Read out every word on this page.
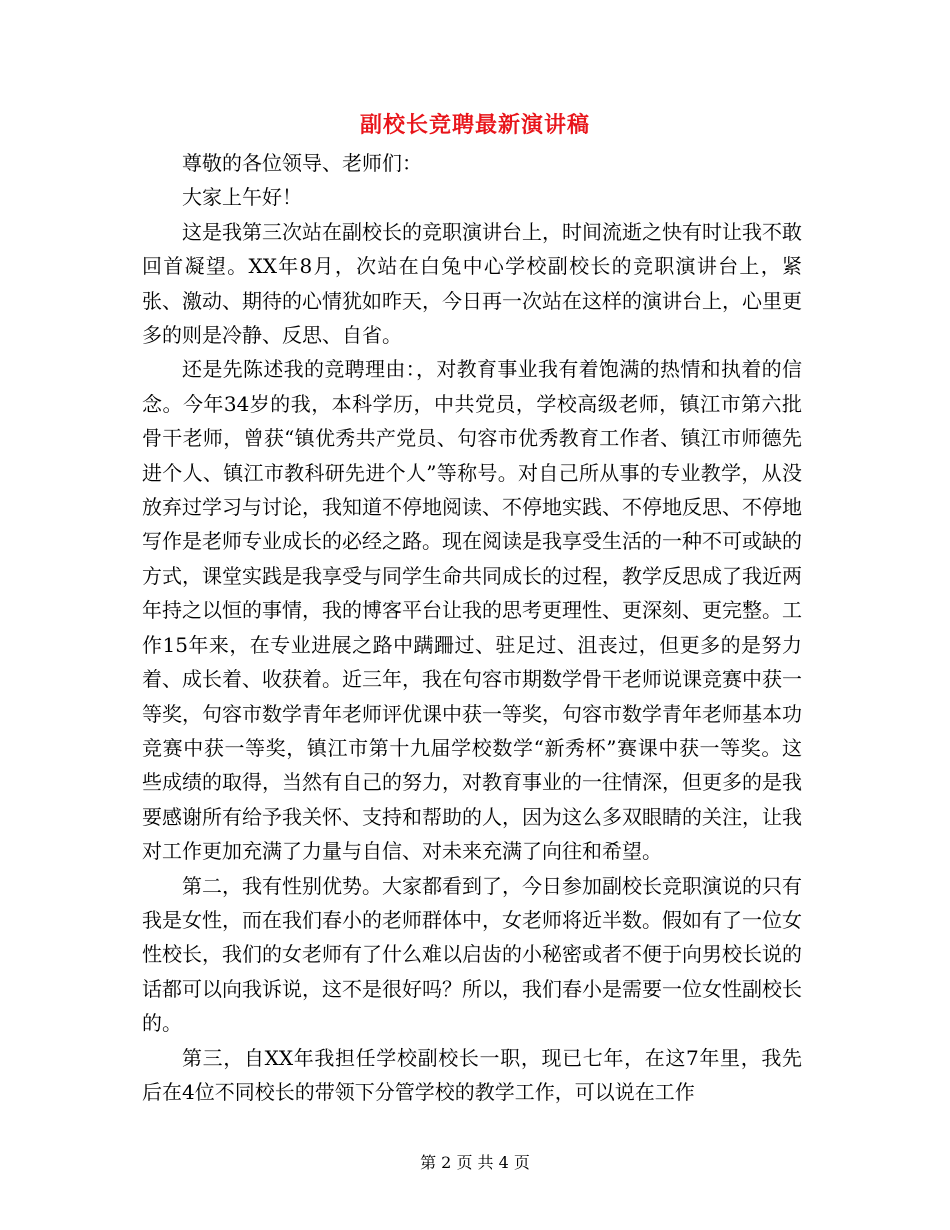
副校长竞聘最新演讲稿

尊敬的各位领导、老师们：

大家上午好！

这是我第三次站在副校长的竞职演讲台上，时间流逝之快有时让我不敢回首凝望。XX年8月，次站在白兔中心学校副校长的竞职演讲台上，紧张、激动、期待的心情犹如昨天，今日再一次站在这样的演讲台上，心里更多的则是冷静、反思、自省。

还是先陈述我的竞聘理由：，对教育事业我有着饱满的热情和执着的信念。今年34岁的我，本科学历，中共党员，学校高级老师，镇江市第六批骨干老师，曾获“镇优秀共产党员、句容市优秀教育工作者、镇江市师德先进个人、镇江市教科研先进个人”等称号。对自己所从事的专业教学，从没放弃过学习与讨论，我知道不停地阅读、不停地实践、不停地反思、不停地写作是老师专业成长的必经之路。现在阅读是我享受生活的一种不可或缺的方式，课堂实践是我享受与同学生命共同成长的过程，教学反思成了我近两年持之以恒的事情，我的博客平台让我的思考更理性、更深刻、更完整。工作15年来，在专业进展之路中蹒跚过、驻足过、沮丧过，但更多的是努力着、成长着、收获着。近三年，我在句容市期数学骨干老师说课竞赛中获一等奖，句容市数学青年老师评优课中获一等奖，句容市数学青年老师基本功竞赛中获一等奖，镇江市第十九届学校数学“新秀杯”赛课中获一等奖。这些成绩的取得，当然有自己的努力，对教育事业的一往情深，但更多的是我要感谢所有给予我关怀、支持和帮助的人，因为这么多双眼睛的关注，让我对工作更加充满了力量与自信、对未来充满了向往和希望。

第二，我有性别优势。大家都看到了，今日参加副校长竞职演说的只有我是女性，而在我们春小的老师群体中，女老师将近半数。假如有了一位女性校长，我们的女老师有了什么难以启齿的小秘密或者不便于向男校长说的话都可以向我诉说，这不是很好吗？所以，我们春小是需要一位女性副校长的。

第三，自XX年我担任学校副校长一职，现已七年，在这7年里，我先后在4位不同校长的带领下分管学校的教学工作，可以说在工作

第 2 页 共 4 页
